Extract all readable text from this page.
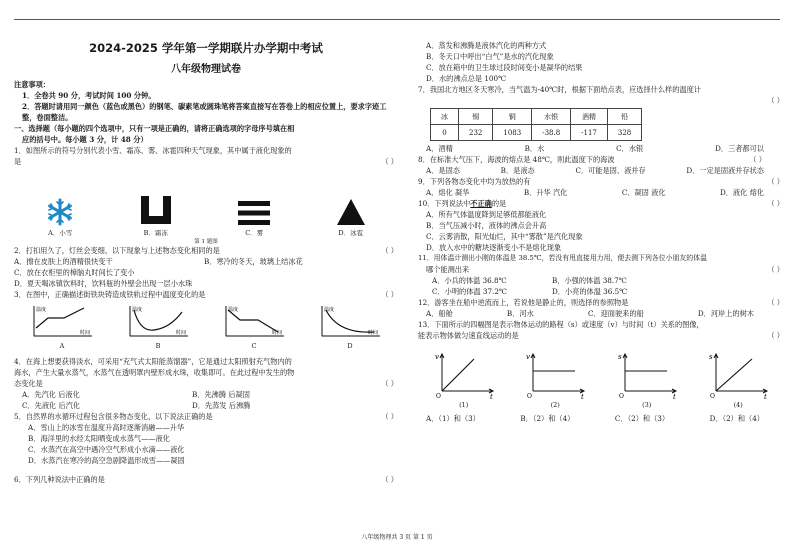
2024-2025 学年第一学期联片办学期中考试
八年级物理试卷
注意事项：
1．全卷共 90 分，考试时间 100 分钟。
2．答题时请用同一颜色（蓝色或黑色）的钢笔、碳素笔或圆珠笔将答案直接写在答卷上的相应位置上，要求字迹工整，卷面整洁。
一、选择题（每小题的四个选项中，只有一项是正确的，请将正确选项的字母序号填在相
应的括号中。每小题 3 分，计 48 分）
1．如图所示的符号分别代表小雪、霜冻、雾、冰雹四种天气现象，其中属于液化现象的
是	（ ）
A．小雪	B．霜冻	C．雾	D．冰雹
第 1 题图
2．打扣用久了，灯丝会变细，以下现象与上述物态变化相同的是	（ ）
A．擦在皮肤上的酒精很快变干	B．寒冷的冬天，玻璃上结冰花
C．放在衣柜里的樟脑丸时间长了变小
D．夏天喝冰镇饮料时，饮料瓶的外壁会出现一层小水珠
3．在图中，正确描述街铁块铸造成铁轨过程中温度变化的是	（ ）
温度
时间
A
温度
时间
B
温度
时间
C
温度
时间
D
4．在海上想要获得淡水，可采用“充气式太阳能蒸馏器”，它是通过太阳照射充气物内的
海水，产生大量水蒸气，水蒸气在透明罩内壁形成水珠，收集即可。在此过程中发生的物
态变化是	（ ）
A．先汽化 后液化	B．先沸腾 后凝固
C．先液化 后汽化	D．先蒸发 后沸腾
5．自然界的水循环过程包含很多物态变化，以下说法正确的是	（ ）
A．雪山上的冰雪在温度升高时逐渐消融——升华
B．海洋里的水经太阳晒变成水蒸气——液化
C．水蒸汽在高空中遇冷空气形成小水滴——液化
D．水蒸汽在寒冷的高空急剧降温形成雪——凝固
6．下列几种说法中正确的是	（ ）
A．蒸发和沸腾是液体汽化的两种方式
B．冬天口中呼出“白气”是水的汽化现象
C．放在箱中的卫生球过段时间变小是凝华的结果
D．水的沸点总是 100℃
7．我国北方地区冬天寒冷，当气温为-40℃时，根据下面给点表，应选择什么样的温度计
（ ）
冰	锡	铜	水银	酒精	铅
0	232	1083	-38.8	-117	328
A．酒精	B．水	C．水银	D．三者都可以
8．在标准大气压下，海波的熔点是 48℃，则此温度下的海波	（ ）
A．是固态	B．是液态	C．可能是固、液并存	D．一定是固液并存状态
9．下列各物态变化中均为放热的有	（ ）
A．熔化 凝华	B．升华 汽化	C．凝固 液化	D．液化 熔化
10．下列说法中不正确的是	（ ）
A．所有气体温度降到足够低都能液化
B．当气压减小时，液体的沸点会升高
C．云雾消散，阳光灿烂，其中“雾散”是汽化现象
D．放入水中的糖块逐渐变小不是熔化现象
11．用体温计测出小刚的体温是 38.5℃，若没有甩直接用力用，便去测下列各位小朋友的体温
哪个能测出来	（ ）
A．小兵的体温 36.8℃	B．小强的体温 38.7℃
C．小明的体温 37.2℃	D．小亮的体温 36.5℃
12．游客坐在船中逆流而上，若说他是静止的，则选择的参照物是	（ ）
A．船舱	B．河水	C．迎面驶来的船	D．河岸上的树木
13．下面所示的四幅图是表示物体运动的路程（s）或速度（v）与时间（t）关系的图像，
能表示物体做匀速直线运动的是	（ ）
v
t
O
(1)
v
t
O
(2)
s
t
O
(3)
s
t
O
(4)
A．（1）和（3）	B．（2）和（4）	C．（2）和（3）	D．（2）和（4）
八年级物理共 3 页 第 1 页
